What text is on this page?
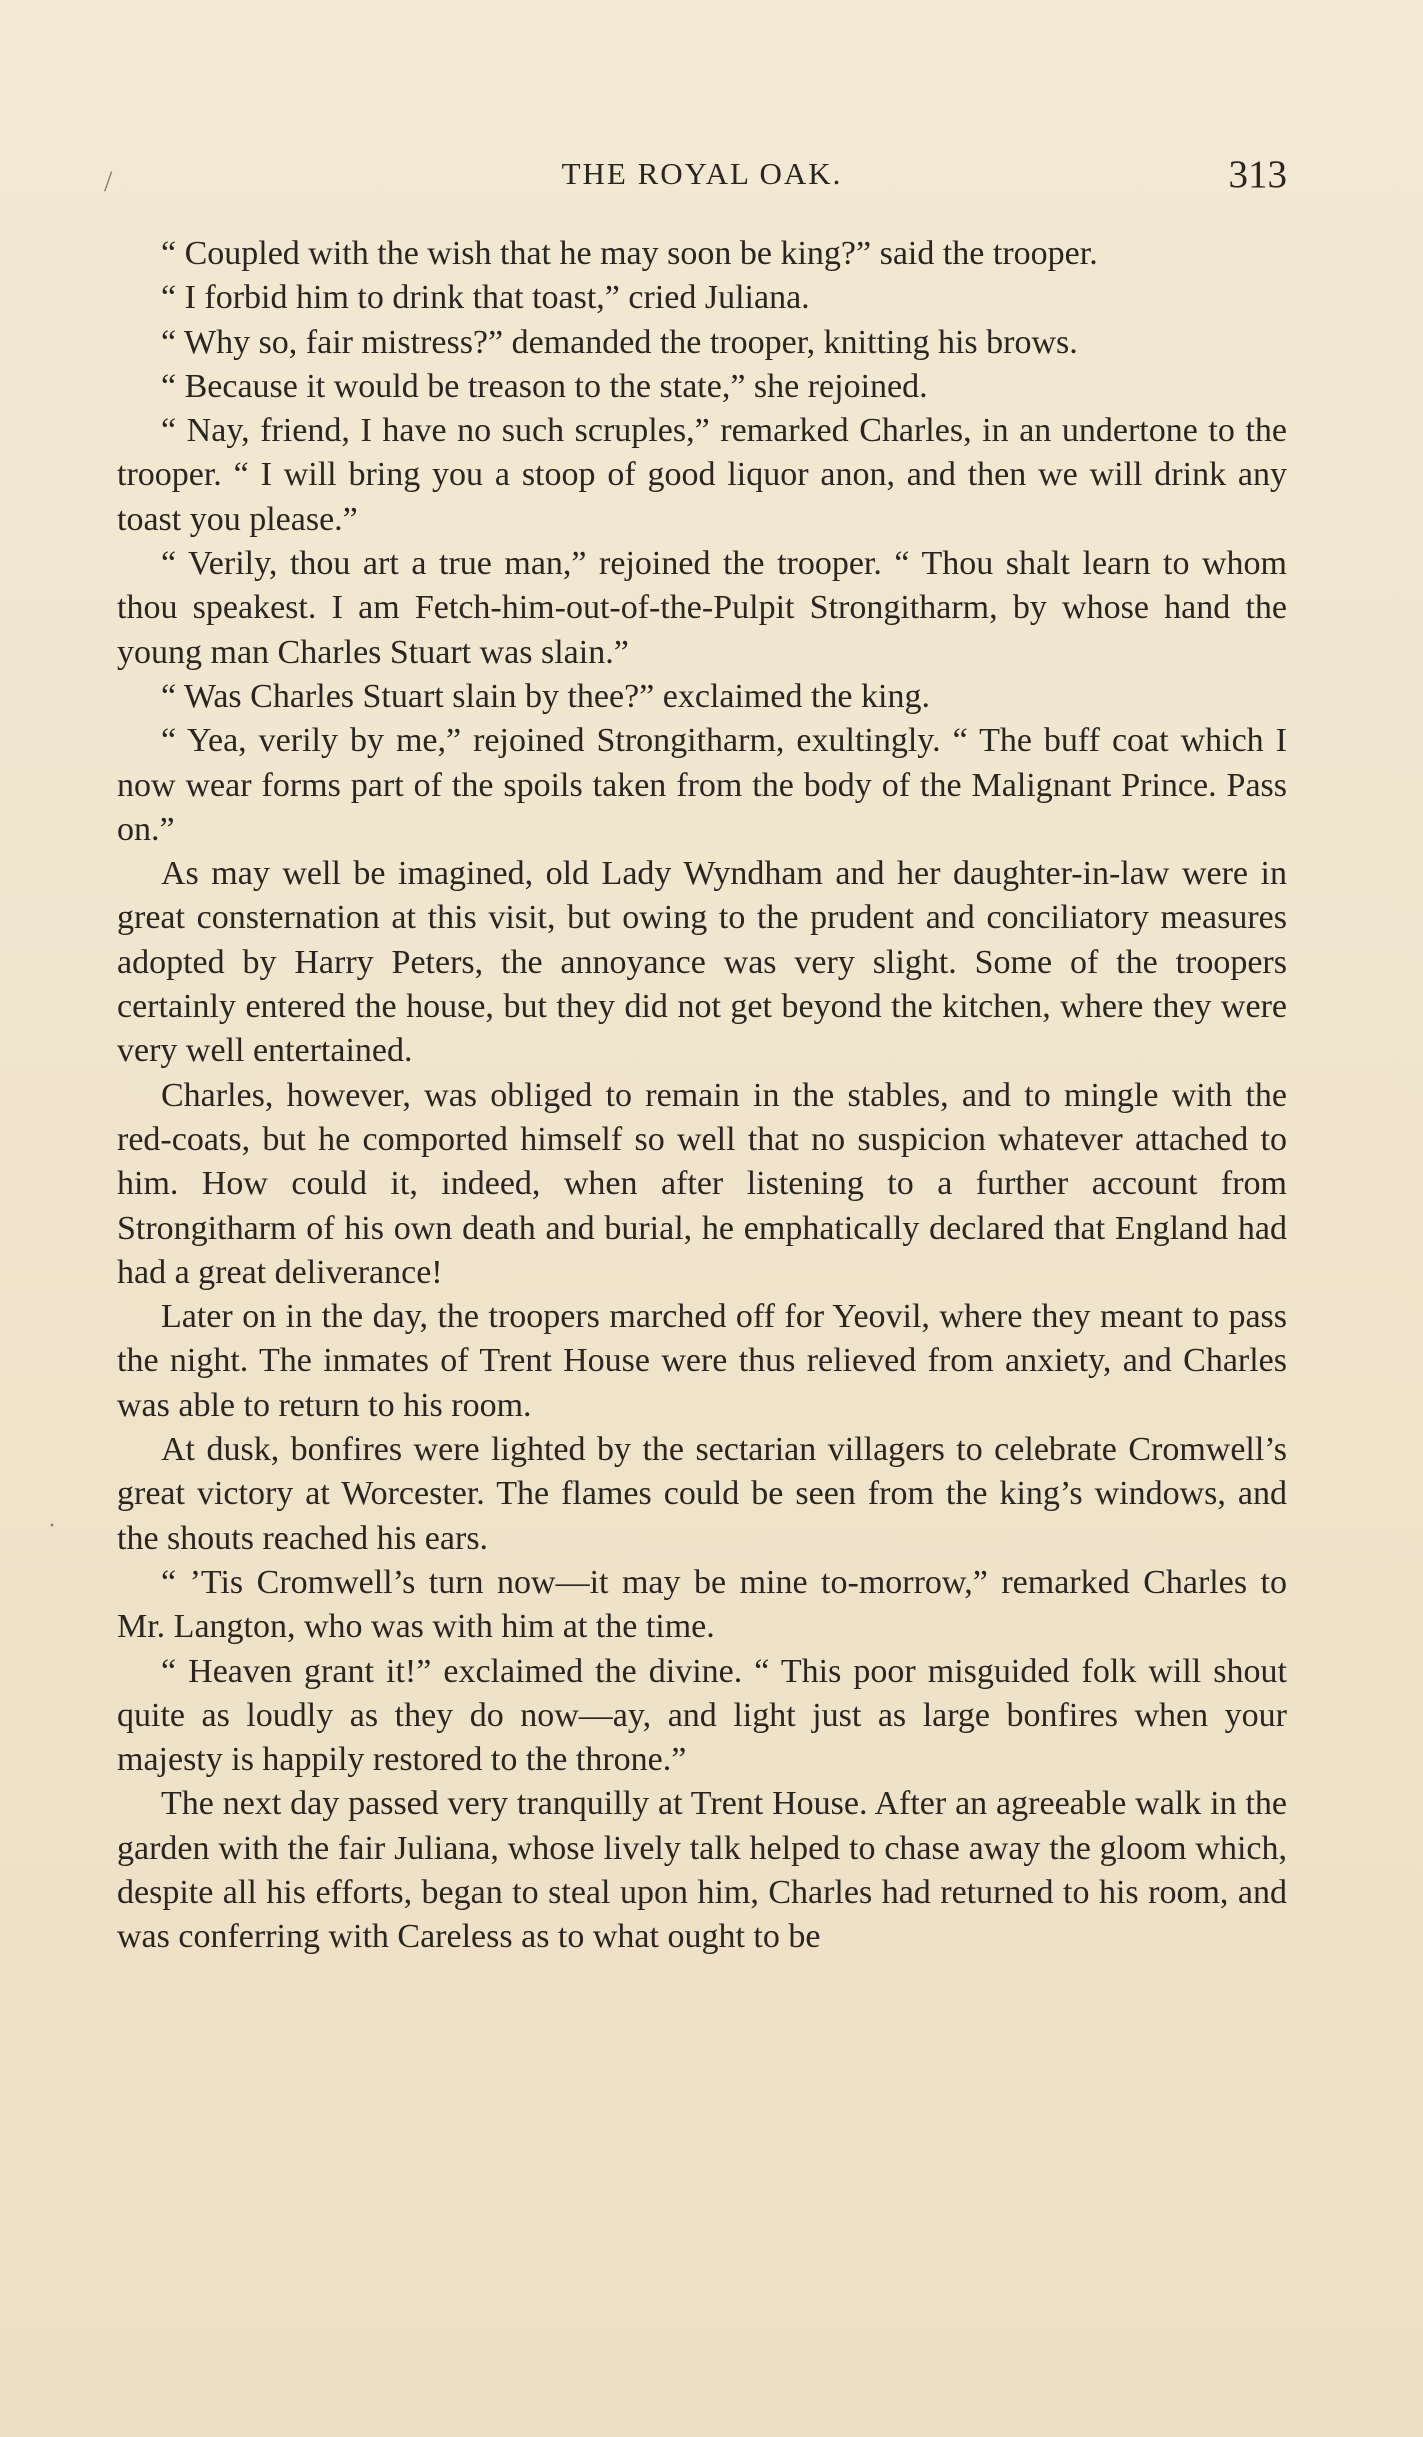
/
·
THE ROYAL OAK.	313

“ Coupled with the wish that he may soon be king?” said the trooper.

“ I forbid him to drink that toast,” cried Juliana.

“ Why so, fair mistress?” demanded the trooper, knitting his brows.

“ Because it would be treason to the state,” she rejoined.

“ Nay, friend, I have no such scruples,” remarked Charles, in an undertone to the trooper. “ I will bring you a stoop of good liquor anon, and then we will drink any toast you please.”

“ Verily, thou art a true man,” rejoined the trooper. “ Thou shalt learn to whom thou speakest. I am Fetch-him-out-of-the-Pulpit Strongitharm, by whose hand the young man Charles Stuart was slain.”

“ Was Charles Stuart slain by thee?” exclaimed the king.

“ Yea, verily by me,” rejoined Strongitharm, exultingly. “ The buff coat which I now wear forms part of the spoils taken from the body of the Malignant Prince. Pass on.”

As may well be imagined, old Lady Wyndham and her daughter-in-law were in great consternation at this visit, but owing to the prudent and conciliatory measures adopted by Harry Peters, the annoyance was very slight. Some of the troopers certainly entered the house, but they did not get beyond the kitchen, where they were very well entertained.

Charles, however, was obliged to remain in the stables, and to mingle with the red-coats, but he comported himself so well that no suspicion whatever attached to him. How could it, indeed, when after listening to a further account from Strongitharm of his own death and burial, he emphatically declared that England had had a great deliverance!

Later on in the day, the troopers marched off for Yeovil, where they meant to pass the night. The inmates of Trent House were thus relieved from anxiety, and Charles was able to return to his room.

At dusk, bonfires were lighted by the sectarian villagers to celebrate Cromwell’s great victory at Worcester. The flames could be seen from the king’s windows, and the shouts reached his ears.

“ ’Tis Cromwell’s turn now—it may be mine to-morrow,” remarked Charles to Mr. Langton, who was with him at the time.

“ Heaven grant it!” exclaimed the divine. “ This poor misguided folk will shout quite as loudly as they do now—ay, and light just as large bonfires when your majesty is happily restored to the throne.”

The next day passed very tranquilly at Trent House. After an agreeable walk in the garden with the fair Juliana, whose lively talk helped to chase away the gloom which, despite all his efforts, began to steal upon him, Charles had returned to his room, and was conferring with Careless as to what ought to be
